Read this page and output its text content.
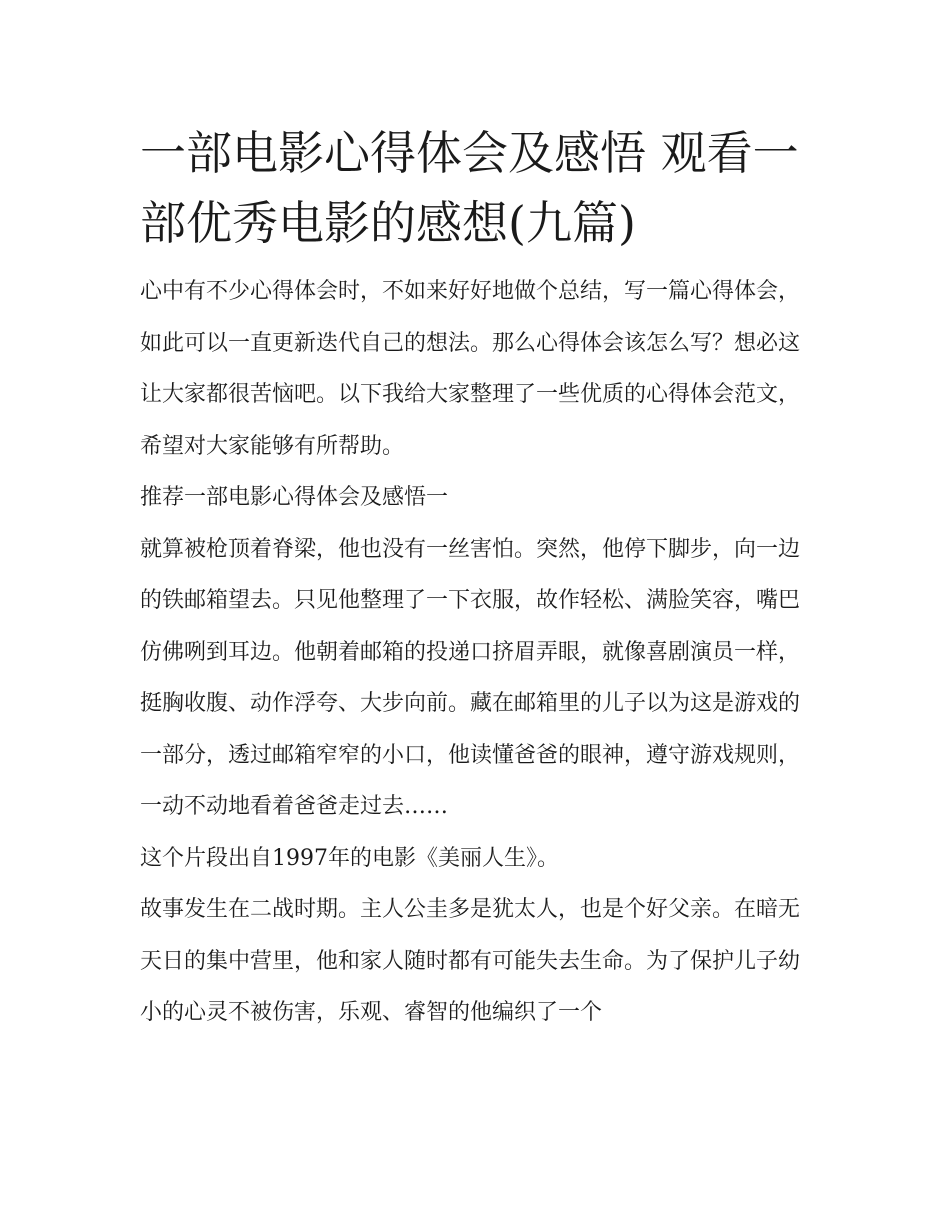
一部电影心得体会及感悟 观看一部优秀电影的感想(九篇)

心中有不少心得体会时，不如来好好地做个总结，写一篇心得体会，如此可以一直更新迭代自己的想法。那么心得体会该怎么写？想必这让大家都很苦恼吧。以下我给大家整理了一些优质的心得体会范文，希望对大家能够有所帮助。

推荐一部电影心得体会及感悟一

就算被枪顶着脊梁，他也没有一丝害怕。突然，他停下脚步，向一边的铁邮箱望去。只见他整理了一下衣服，故作轻松、满脸笑容，嘴巴仿佛咧到耳边。他朝着邮箱的投递口挤眉弄眼，就像喜剧演员一样，挺胸收腹、动作浮夸、大步向前。藏在邮箱里的儿子以为这是游戏的一部分，透过邮箱窄窄的小口，他读懂爸爸的眼神，遵守游戏规则，一动不动地看着爸爸走过去……

这个片段出自1997年的电影《美丽人生》。

故事发生在二战时期。主人公圭多是犹太人，也是个好父亲。在暗无天日的集中营里，他和家人随时都有可能失去生命。为了保护儿子幼小的心灵不被伤害，乐观、睿智的他编织了一个
